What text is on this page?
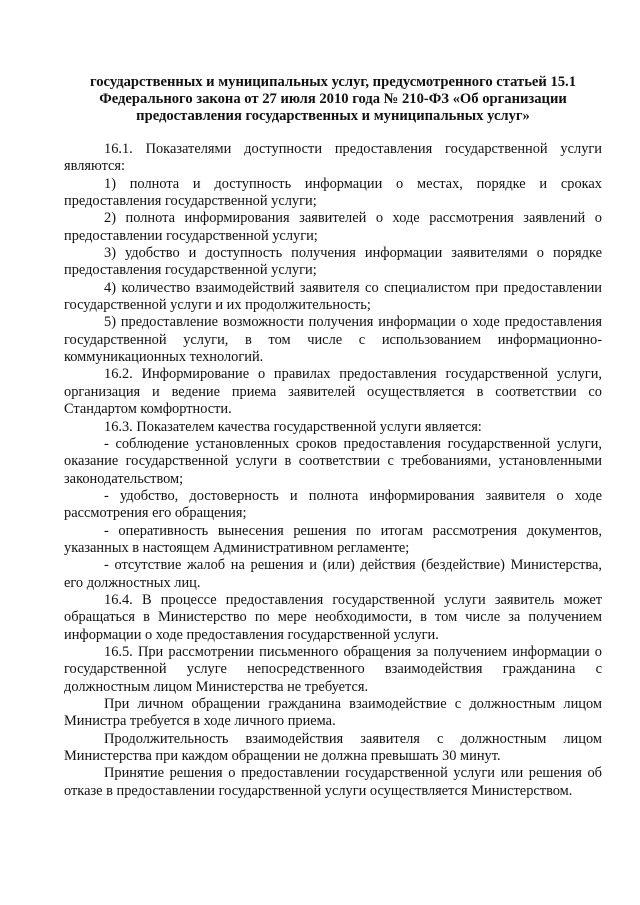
государственных и муниципальных услуг, предусмотренного статьей 15.1
Федерального закона от 27 июля 2010 года № 210-ФЗ «Об организации
предоставления государственных и муниципальных услуг»

16.1. Показателями доступности предоставления государственной услуги являются:

1) полнота и доступность информации о местах, порядке и сроках предоставления государственной услуги;

2) полнота информирования заявителей о ходе рассмотрения заявлений о предоставлении государственной услуги;

3) удобство и доступность получения информации заявителями о порядке предоставления государственной услуги;

4) количество взаимодействий заявителя со специалистом при предоставлении государственной услуги и их продолжительность;

5) предоставление возможности получения информации о ходе предоставления государственной услуги, в том числе с использованием информационно-коммуникационных технологий.

16.2. Информирование о правилах предоставления государственной услуги, организация и ведение приема заявителей осуществляется в соответствии со Стандартом комфортности.

16.3. Показателем качества государственной услуги является:

- соблюдение установленных сроков предоставления государственной услуги, оказание государственной услуги в соответствии с требованиями, установленными законодательством;

- удобство, достоверность и полнота информирования заявителя о ходе рассмотрения его обращения;

- оперативность вынесения решения по итогам рассмотрения документов, указанных в настоящем Административном регламенте;

- отсутствие жалоб на решения и (или) действия (бездействие) Министерства, его должностных лиц.

16.4. В процессе предоставления государственной услуги заявитель может обращаться в Министерство по мере необходимости, в том числе за получением информации о ходе предоставления государственной услуги.

16.5. При рассмотрении письменного обращения за получением информации о государственной услуге непосредственного взаимодействия гражданина с должностным лицом Министерства не требуется.

При личном обращении гражданина взаимодействие с должностным лицом Министра требуется в ходе личного приема.

Продолжительность взаимодействия заявителя с должностным лицом Министерства при каждом обращении не должна превышать 30 минут.

Принятие решения о предоставлении государственной услуги или решения об отказе в предоставлении государственной услуги осуществляется Министерством.
